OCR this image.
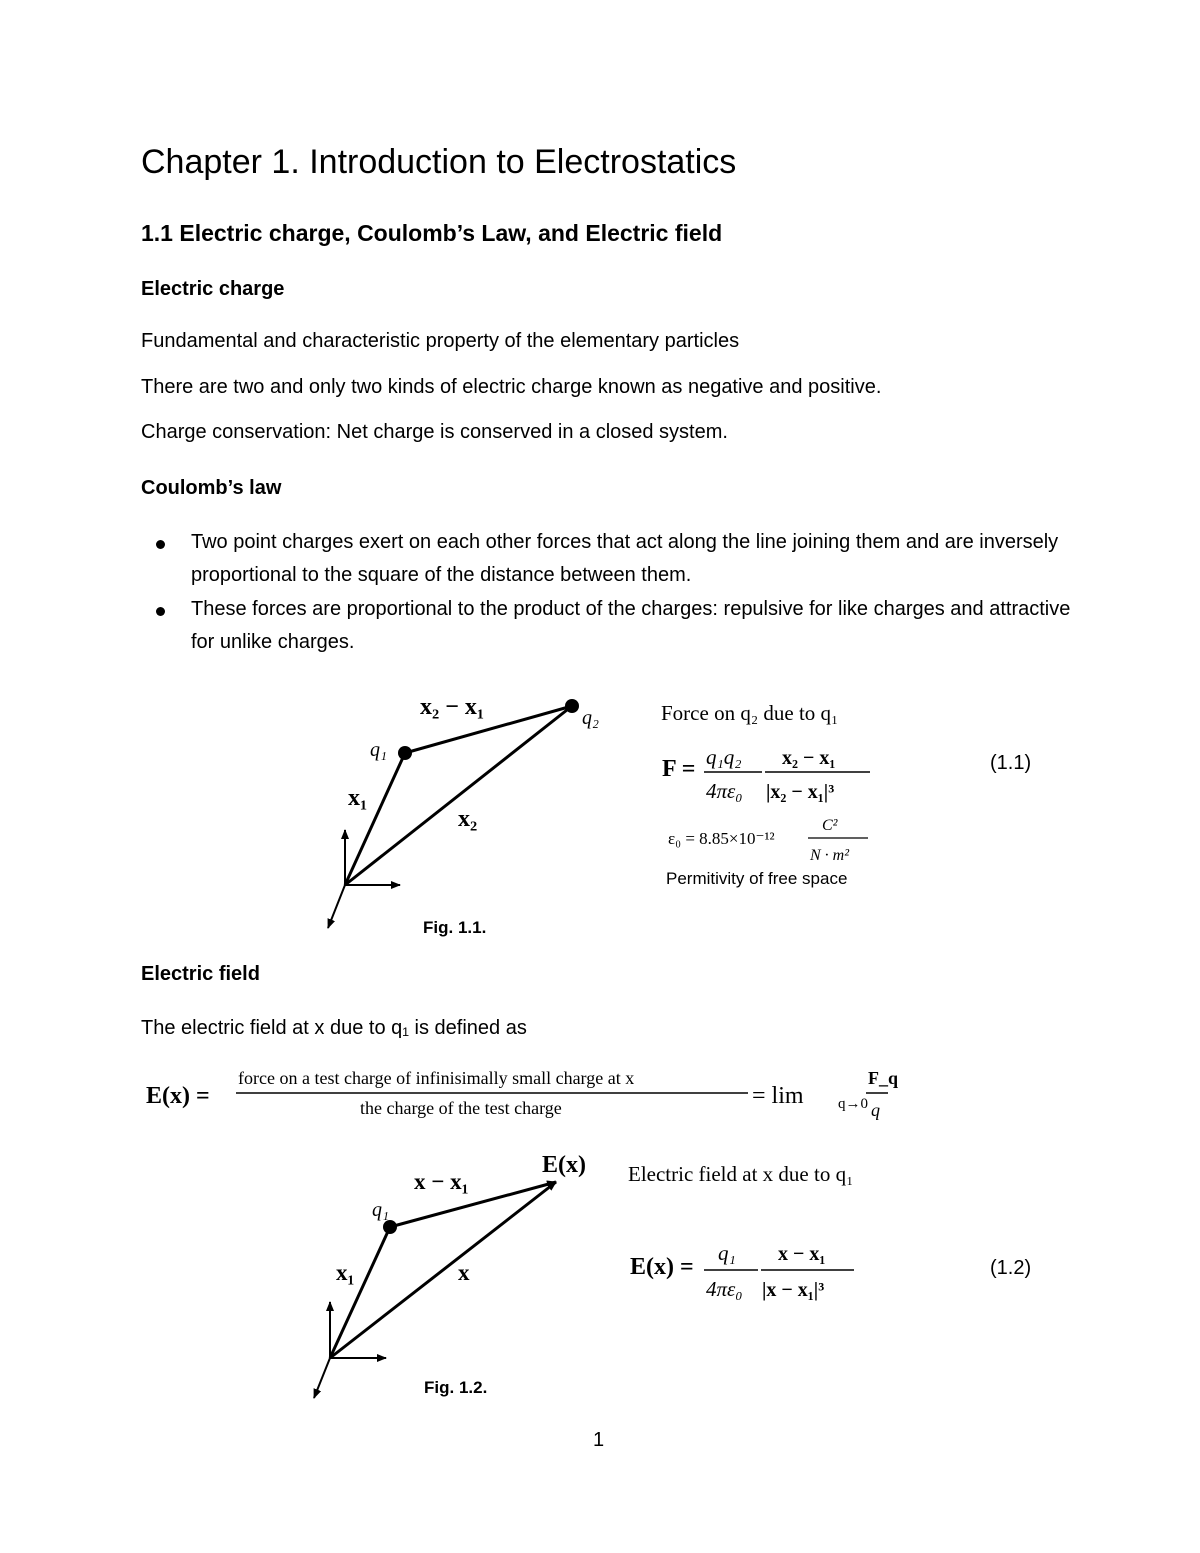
Chapter 1. Introduction to Electrostatics
1.1 Electric charge, Coulomb’s Law, and Electric field
Electric charge
Fundamental and characteristic property of the elementary particles
There are two and only two kinds of electric charge known as negative and positive.
Charge conservation: Net charge is conserved in a closed system.
Coulomb’s law
Two point charges exert on each other forces that act along the line joining them and are inversely proportional to the square of the distance between them.
These forces are proportional to the product of the charges: repulsive for like charges and attractive for unlike charges.
x₂ − x₁	q₂
q₁
x₁
x₂
Fig. 1.1.
Force on q₂ due to q₁
F = q₁q₂
4πε₀
x₂ − x₁
|x₂ − x₁|³
ε₀ = 8.85×10⁻¹²
C²
N · m²
Permitivity of free space
(1.1)
Electric field
The electric field at x due to q₁ is defined as
E(x) =
force on a test charge of infinisimally small charge at x
the charge of the test charge	= lim q→0
F_q
q
E(x)
x − x₁
q₁
x₁	x
Fig. 1.2.
Electric field at x due to q₁
E(x) =
q₁
4πε₀
x − x₁
|x − x₁|³
(1.2)
1
